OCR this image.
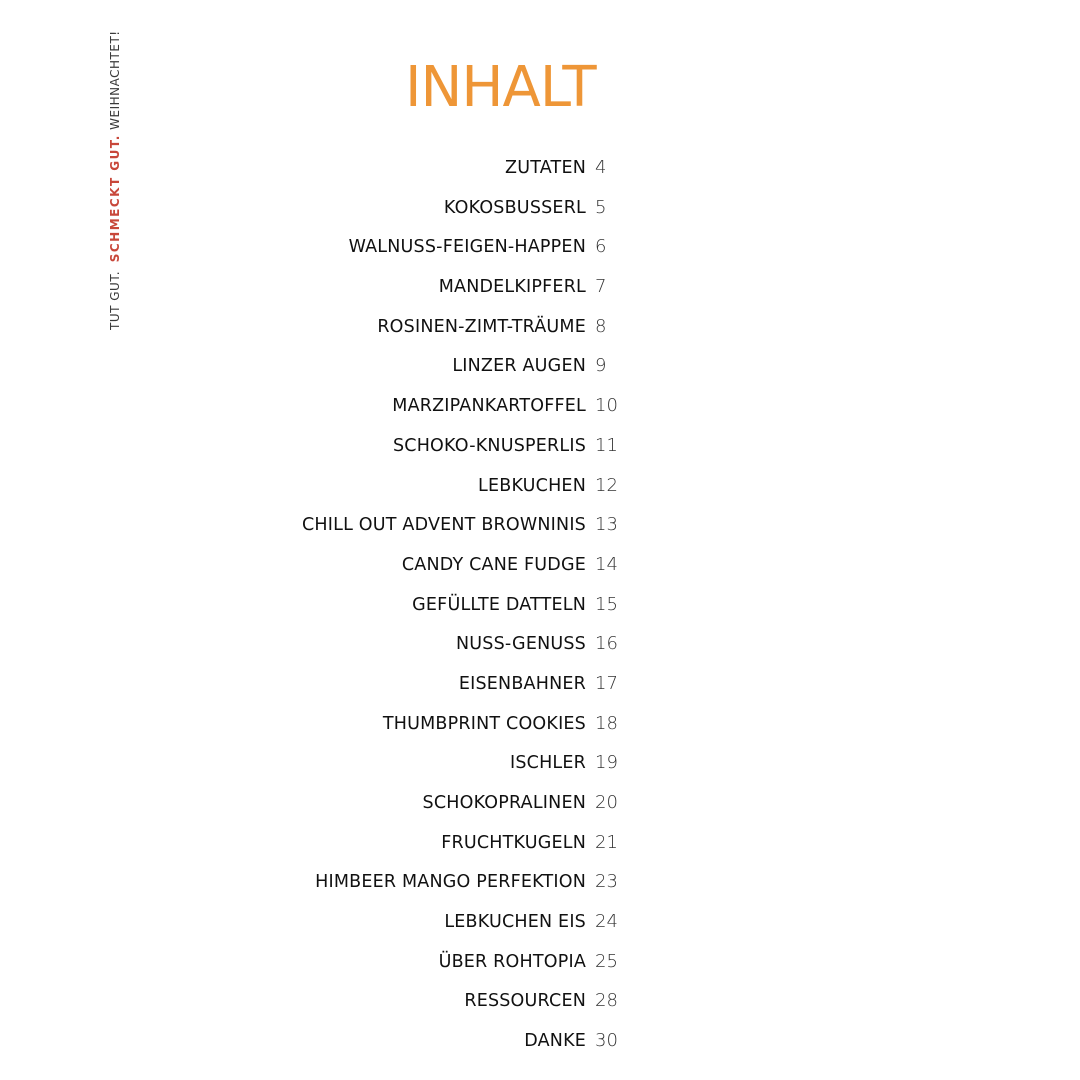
TUT GUT.  SCHMECKT GUT. WEIHNACHTET!	INHALT
ZUTATEN 4
KOKOSBUSSERL 5
WALNUSS-FEIGEN-HAPPEN 6
MANDELKIPFERL 7
ROSINEN-ZIMT-TRÄUME 8
LINZER AUGEN 9
MARZIPANKARTOFFEL 10
SCHOKO-KNUSPERLIS 11
LEBKUCHEN 12
CHILL OUT ADVENT BROWNINIS 13
CANDY CANE FUDGE 14
GEFÜLLTE DATTELN 15
NUSS-GENUSS 16
EISENBAHNER 17
THUMBPRINT COOKIES 18
ISCHLER 19
SCHOKOPRALINEN 20
FRUCHTKUGELN 21
HIMBEER MANGO PERFEKTION 23
LEBKUCHEN EIS 24
ÜBER ROHTOPIA 25
RESSOURCEN 28
DANKE 30
